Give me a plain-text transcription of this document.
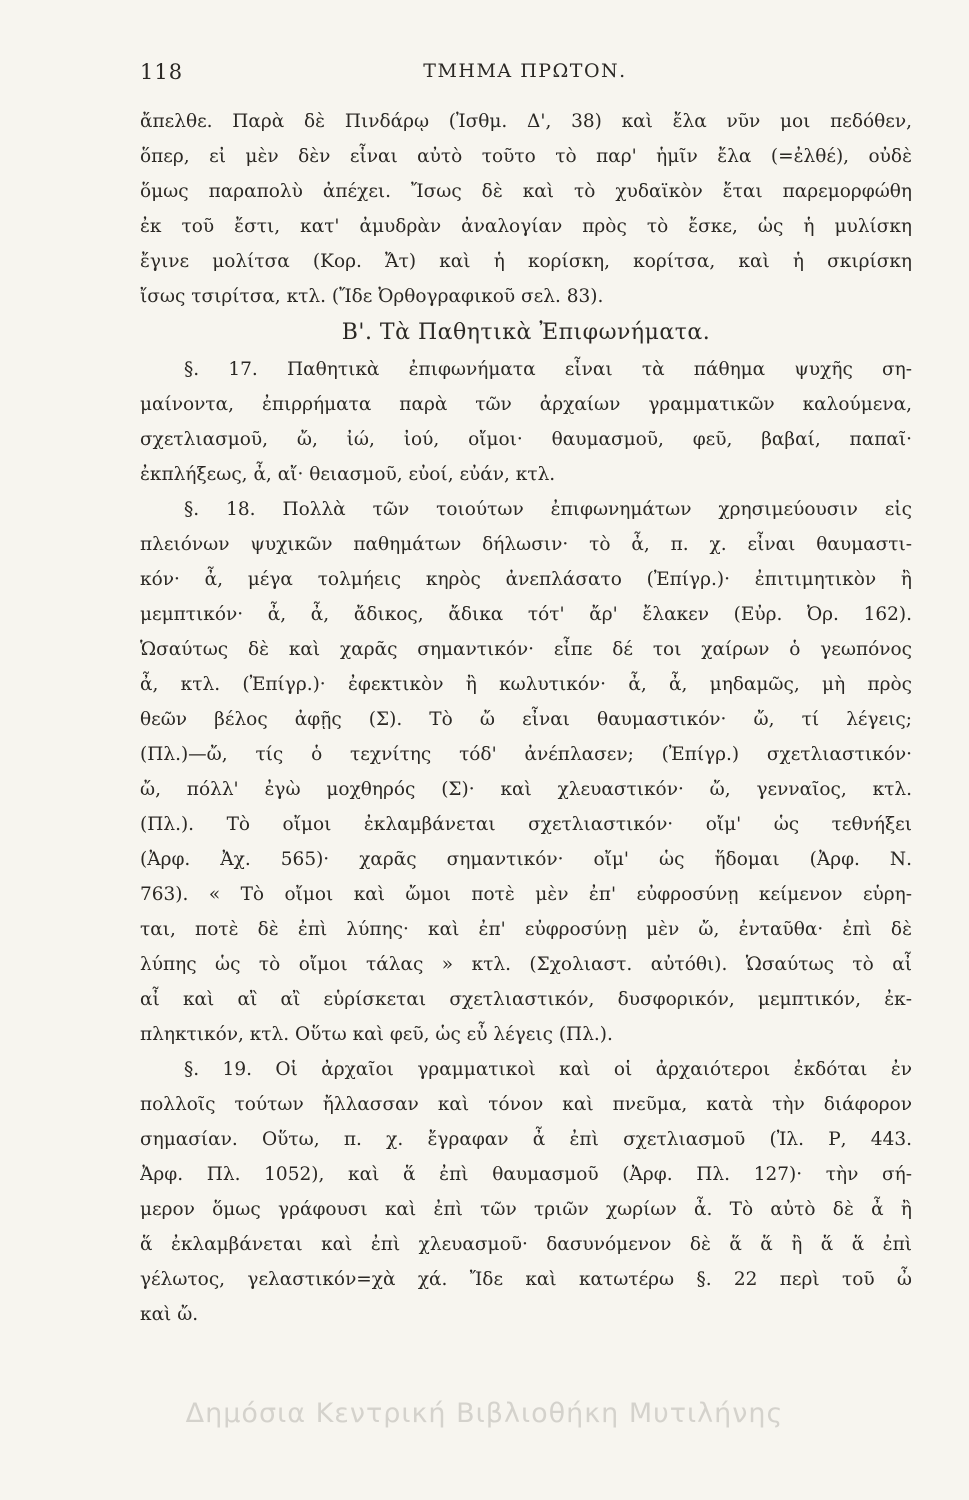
118	ΤΜΗΜΑ ΠΡΩΤΟΝ.
ἄπελθε. Παρὰ δὲ Πινδάρῳ (Ἰσθμ. Δ', 38) καὶ ἔλα νῦν μοι πεδόθεν,
ὅπερ, εἰ μὲν δὲν εἶναι αὐτὸ τοῦτο τὸ παρ' ἡμῖν ἔλα (=ἐλθέ), οὐδὲ
ὅμως παραπολὺ ἀπέχει. Ἴσως δὲ καὶ τὸ χυδαϊκὸν ἔται παρεμορφώθη
ἐκ τοῦ ἔστι, κατ' ἀμυδρὰν ἀναλογίαν πρὸς τὸ ἔσκε, ὡς ἡ μυλίσκη
ἔγινε μολίτσα (Κορ. Ἄτ) καὶ ἡ κορίσκη, κορίτσα, καὶ ἡ σκιρίσκη
ἴσως τσιρίτσα, κτλ. (Ἴδε Ὀρθογραφικοῦ σελ. 83).
Β'. Τὰ Παθητικὰ Ἐπιφωνήματα.
§. 17. Παθητικὰ ἐπιφωνήματα εἶναι τὰ πάθημα ψυχῆς ση-
μαίνοντα, ἐπιρρήματα παρὰ τῶν ἀρχαίων γραμματικῶν καλούμενα,
σχετλιασμοῦ, ὤ, ἰώ, ἰού, οἴμοι· θαυμασμοῦ, φεῦ, βαβαί, παπαῖ·
ἐκπλήξεως, ἆ, αἴ· θειασμοῦ, εὐοί, εὐάν, κτλ.
§. 18. Πολλὰ τῶν τοιούτων ἐπιφωνημάτων χρησιμεύουσιν εἰς
πλειόνων ψυχικῶν παθημάτων δήλωσιν· τὸ ἆ, π. χ. εἶναι θαυμαστι-
κόν· ἆ, μέγα τολμήεις κηρὸς ἀνεπλάσατο (Ἐπίγρ.)· ἐπιτιμητικὸν ἢ
μεμπτικόν· ἆ, ἆ, ἄδικος, ἄδικα τότ' ἄρ' ἔλακεν (Εὐρ. Ὀρ. 162).
Ὡσαύτως δὲ καὶ χαρᾶς σημαντικόν· εἶπε δέ τοι χαίρων ὁ γεωπόνος
ἆ, κτλ. (Ἐπίγρ.)· ἐφεκτικὸν ἢ κωλυτικόν· ἆ, ἆ, μηδαμῶς, μὴ πρὸς
θεῶν βέλος ἀφῇς (Σ). Τὸ ὤ εἶναι θαυμαστικόν· ὤ, τί λέγεις;
(Πλ.)—ὤ, τίς ὁ τεχνίτης τόδ' ἀνέπλασεν; (Ἐπίγρ.) σχετλιαστικόν·
ὤ, πόλλ' ἐγὼ μοχθηρός (Σ)· καὶ χλευαστικόν· ὤ, γενναῖος, κτλ.
(Πλ.). Τὸ οἴμοι ἐκλαμβάνεται σχετλιαστικόν· οἴμ' ὡς τεθνήξει
(Ἀρφ. Ἀχ. 565)· χαρᾶς σημαντικόν· οἴμ' ὡς ἥδομαι (Ἀρφ. Ν.
763). « Τὸ οἴμοι καὶ ὤμοι ποτὲ μὲν ἐπ' εὐφροσύνῃ κείμενον εὑρη-
ται, ποτὲ δὲ ἐπὶ λύπης· καὶ ἐπ' εὐφροσύνῃ μὲν ὤ, ἐνταῦθα· ἐπὶ δὲ
λύπης ὡς τὸ οἴμοι τάλας » κτλ. (Σχολιαστ. αὐτόθι). Ὡσαύτως τὸ αἶ
αἶ καὶ αἲ αἲ εὑρίσκεται σχετλιαστικόν, δυσφορικόν, μεμπτικόν, ἐκ-
πληκτικόν, κτλ. Οὕτω καὶ φεῦ, ὡς εὖ λέγεις (Πλ.).
§. 19. Οἱ ἀρχαῖοι γραμματικοὶ καὶ οἱ ἀρχαιότεροι ἐκδόται ἐν
πολλοῖς τούτων ἤλλασσαν καὶ τόνον καὶ πνεῦμα, κατὰ τὴν διάφορον
σημασίαν. Οὕτω, π. χ. ἔγραφαν ἆ ἐπὶ σχετλιασμοῦ (Ἰλ. Ρ, 443.
Ἀρφ. Πλ. 1052), καὶ ἅ ἐπὶ θαυμασμοῦ (Ἀρφ. Πλ. 127)· τὴν σή-
μερον ὅμως γράφουσι καὶ ἐπὶ τῶν τριῶν χωρίων ἆ. Τὸ αὐτὸ δὲ ἆ ἢ
ἅ ἐκλαμβάνεται καὶ ἐπὶ χλευασμοῦ· δασυνόμενον δὲ ἅ ἅ ἢ ἅ ἅ ἐπὶ
γέλωτος, γελαστικόν=χὰ χά. Ἴδε καὶ κατωτέρω §. 22 περὶ τοῦ ὦ
καὶ ὤ.
Δημόσια Κεντρική Βιβλιοθήκη Μυτιλήνης
